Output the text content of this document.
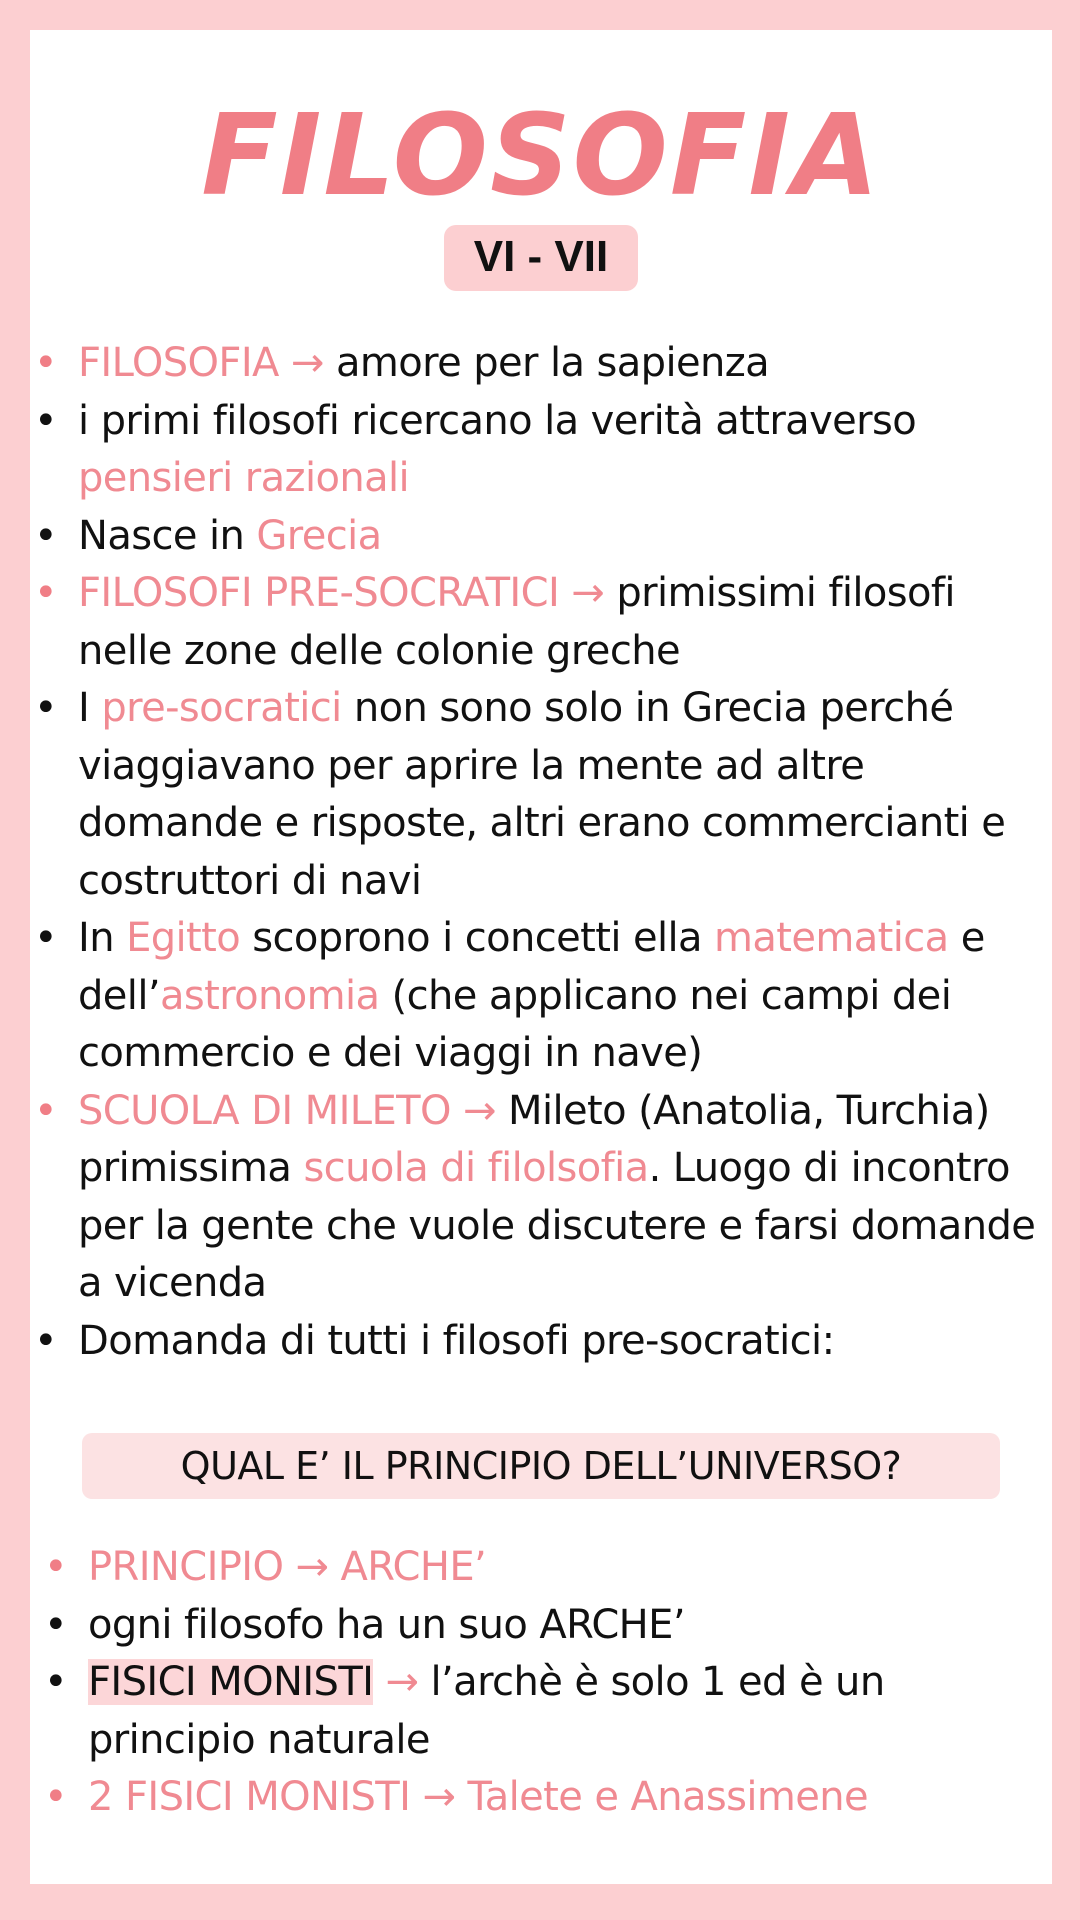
FILOSOFIA
VI - VII
• FILOSOFIA → amore per la sapienza
• i primi filosofi ricercano la verità attraverso pensieri razionali
• Nasce in Grecia
• FILOSOFI PRE-SOCRATICI → primissimi filosofi nelle zone delle colonie greche
• I pre-socratici non sono solo in Grecia perché viaggiavano per aprire la mente ad altre domande e risposte, altri erano commercianti e costruttori di navi
• In Egitto scoprono i concetti ella matematica e dell’astronomia (che applicano nei campi dei commercio e dei viaggi in nave)
• SCUOLA DI MILETO → Mileto (Anatolia, Turchia) primissima scuola di filolsofia. Luogo di incontro per la gente che vuole discutere e farsi domande a vicenda
• Domanda di tutti i filosofi pre-socratici:
QUAL E’ IL PRINCIPIO DELL’UNIVERSO?
• PRINCIPIO → ARCHE’
• ogni filosofo ha un suo ARCHE’
• FISICI MONISTI → l’archè è solo 1 ed è un principio naturale
• 2 FISICI MONISTI → Talete e Anassimene
